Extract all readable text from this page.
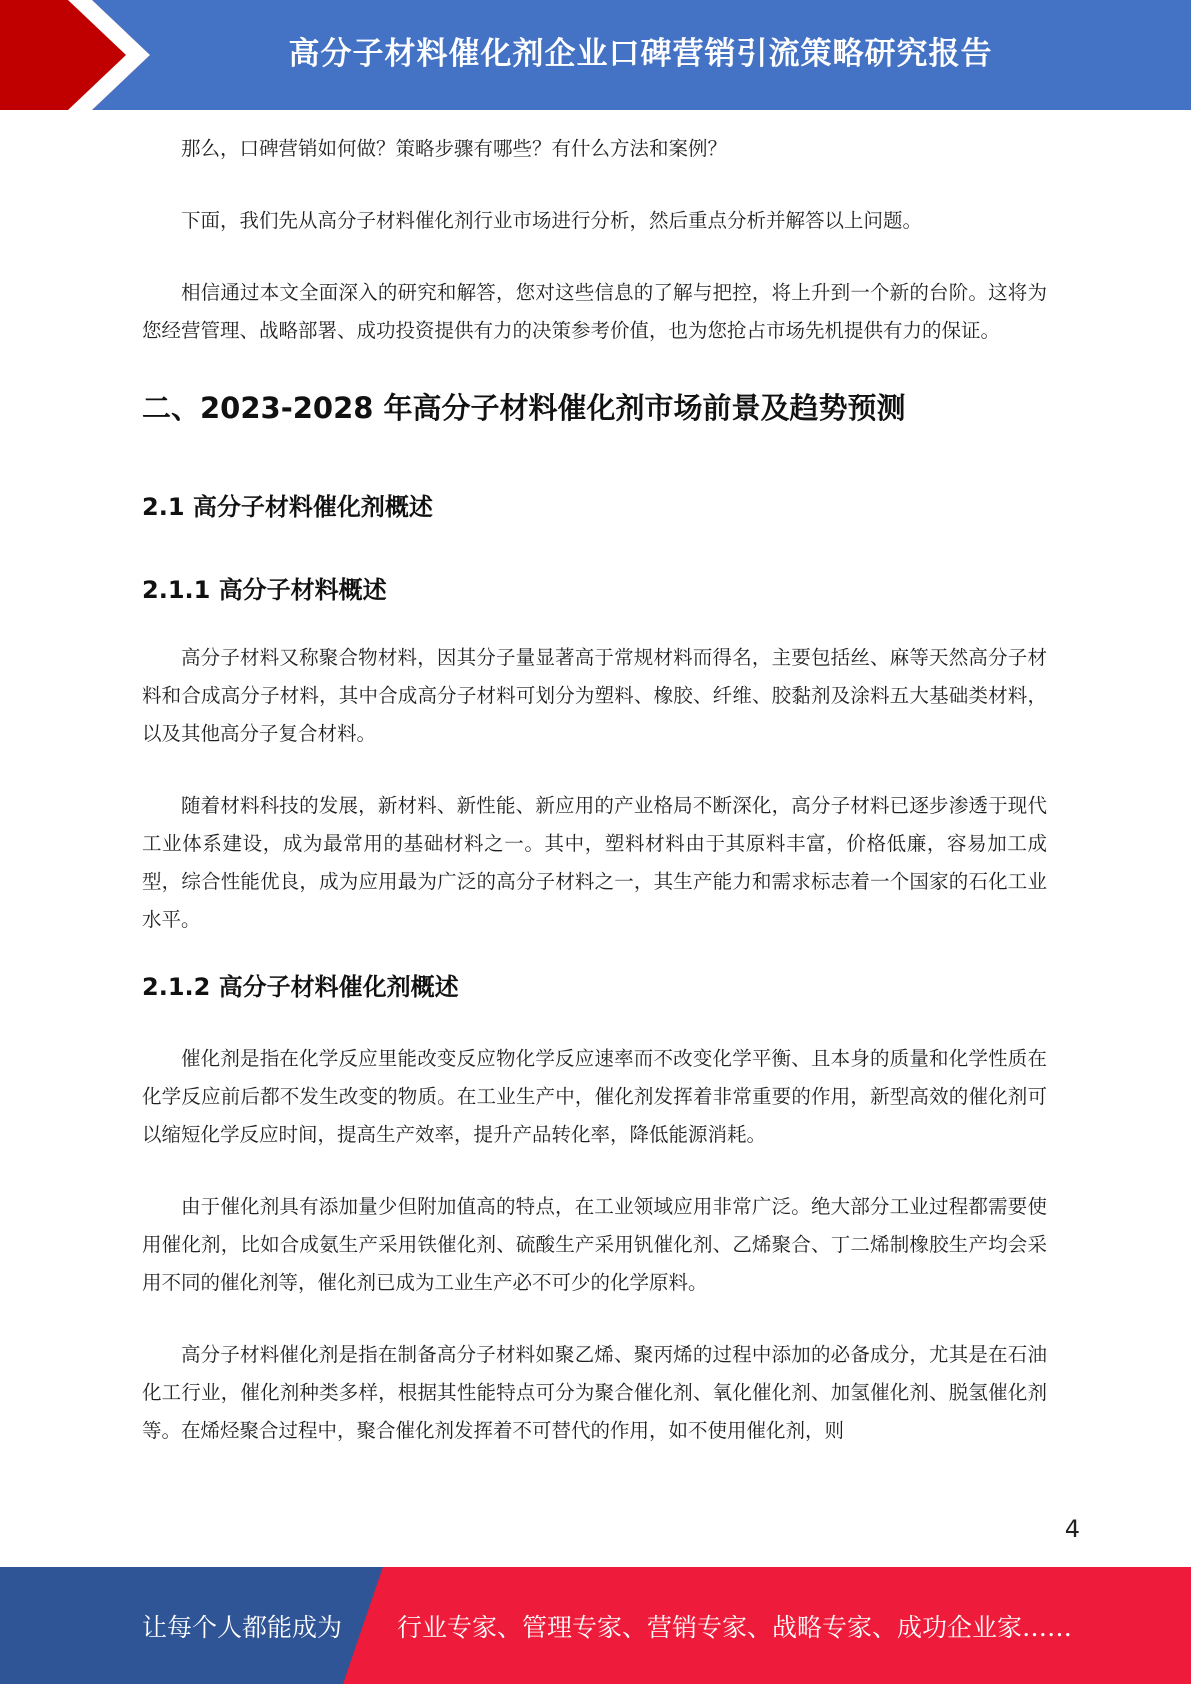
高分子材料催化剂企业口碑营销引流策略研究报告

那么，口碑营销如何做？策略步骤有哪些？有什么方法和案例？

下面，我们先从高分子材料催化剂行业市场进行分析，然后重点分析并解答以上问题。

相信通过本文全面深入的研究和解答，您对这些信息的了解与把控，将上升到一个新的台阶。这将为您经营管理、战略部署、成功投资提供有力的决策参考价值，也为您抢占市场先机提供有力的保证。

二、2023-2028 年高分子材料催化剂市场前景及趋势预测
2.1 高分子材料催化剂概述
2.1.1 高分子材料概述

高分子材料又称聚合物材料，因其分子量显著高于常规材料而得名，主要包括丝、麻等天然高分子材料和合成高分子材料，其中合成高分子材料可划分为塑料、橡胶、纤维、胶黏剂及涂料五大基础类材料，以及其他高分子复合材料。

随着材料科技的发展，新材料、新性能、新应用的产业格局不断深化，高分子材料已逐步渗透于现代工业体系建设，成为最常用的基础材料之一。其中，塑料材料由于其原料丰富，价格低廉，容易加工成型，综合性能优良，成为应用最为广泛的高分子材料之一，其生产能力和需求标志着一个国家的石化工业水平。

2.1.2 高分子材料催化剂概述

催化剂是指在化学反应里能改变反应物化学反应速率而不改变化学平衡、且本身的质量和化学性质在化学反应前后都不发生改变的物质。在工业生产中，催化剂发挥着非常重要的作用，新型高效的催化剂可以缩短化学反应时间，提高生产效率，提升产品转化率，降低能源消耗。

由于催化剂具有添加量少但附加值高的特点，在工业领域应用非常广泛。绝大部分工业过程都需要使用催化剂，比如合成氨生产采用铁催化剂、硫酸生产采用钒催化剂、乙烯聚合、丁二烯制橡胶生产均会采用不同的催化剂等，催化剂已成为工业生产必不可少的化学原料。

高分子材料催化剂是指在制备高分子材料如聚乙烯、聚丙烯的过程中添加的必备成分，尤其是在石油化工行业，催化剂种类多样，根据其性能特点可分为聚合催化剂、氧化催化剂、加氢催化剂、脱氢催化剂等。在烯烃聚合过程中，聚合催化剂发挥着不可替代的作用，如不使用催化剂，则

4
让每个人都能成为 行业专家、管理专家、营销专家、战略专家、成功企业家……
